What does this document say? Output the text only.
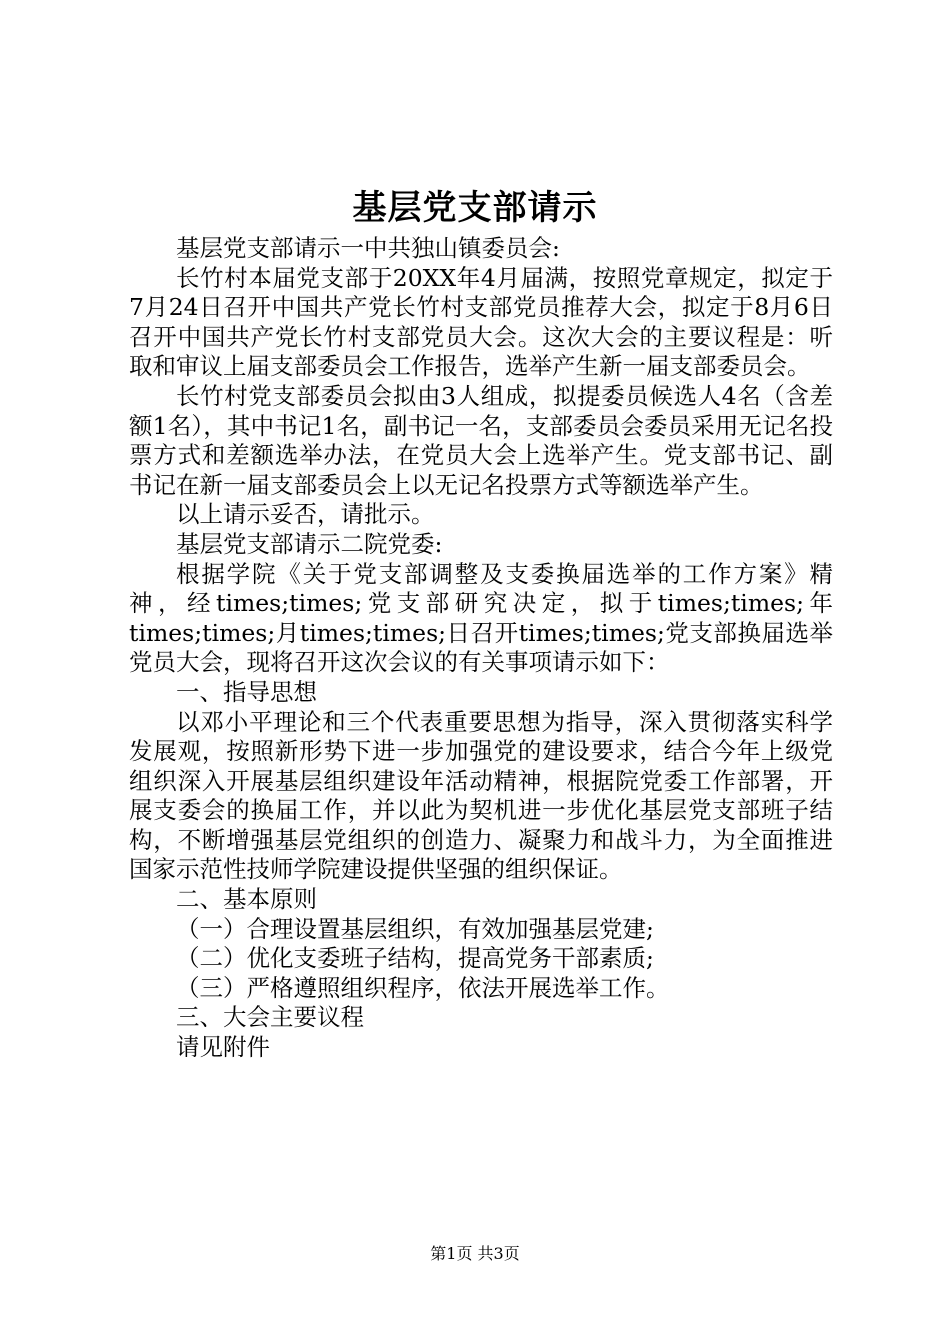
基层党支部请示

基层党支部请示一中共独山镇委员会:

长竹村本届党支部于20XX年4月届满，按照党章规定，拟定于7月24日召开中国共产党长竹村支部党员推荐大会，拟定于8月6日召开中国共产党长竹村支部党员大会。这次大会的主要议程是：听取和审议上届支部委员会工作报告，选举产生新一届支部委员会。

长竹村党支部委员会拟由3人组成，拟提委员候选人4名（含差额1名），其中书记1名，副书记一名，支部委员会委员采用无记名投票方式和差额选举办法，在党员大会上选举产生。党支部书记、副书记在新一届支部委员会上以无记名投票方式等额选举产生。

以上请示妥否，请批示。

基层党支部请示二院党委:

根据学院《关于党支部调整及支委换届选举的工作方案》精神，经times;times;党支部研究决定，拟于times;times;年times;times;月times;times;日召开times;times;党支部换届选举党员大会，现将召开这次会议的有关事项请示如下：

一、指导思想

以邓小平理论和三个代表重要思想为指导，深入贯彻落实科学发展观，按照新形势下进一步加强党的建设要求，结合今年上级党组织深入开展基层组织建设年活动精神，根据院党委工作部署，开展支委会的换届工作，并以此为契机进一步优化基层党支部班子结构，不断增强基层党组织的创造力、凝聚力和战斗力，为全面推进国家示范性技师学院建设提供坚强的组织保证。

二、基本原则

（一）合理设置基层组织，有效加强基层党建;

（二）优化支委班子结构，提高党务干部素质;

（三）严格遵照组织程序，依法开展选举工作。

三、大会主要议程

请见附件

第1页 共3页
